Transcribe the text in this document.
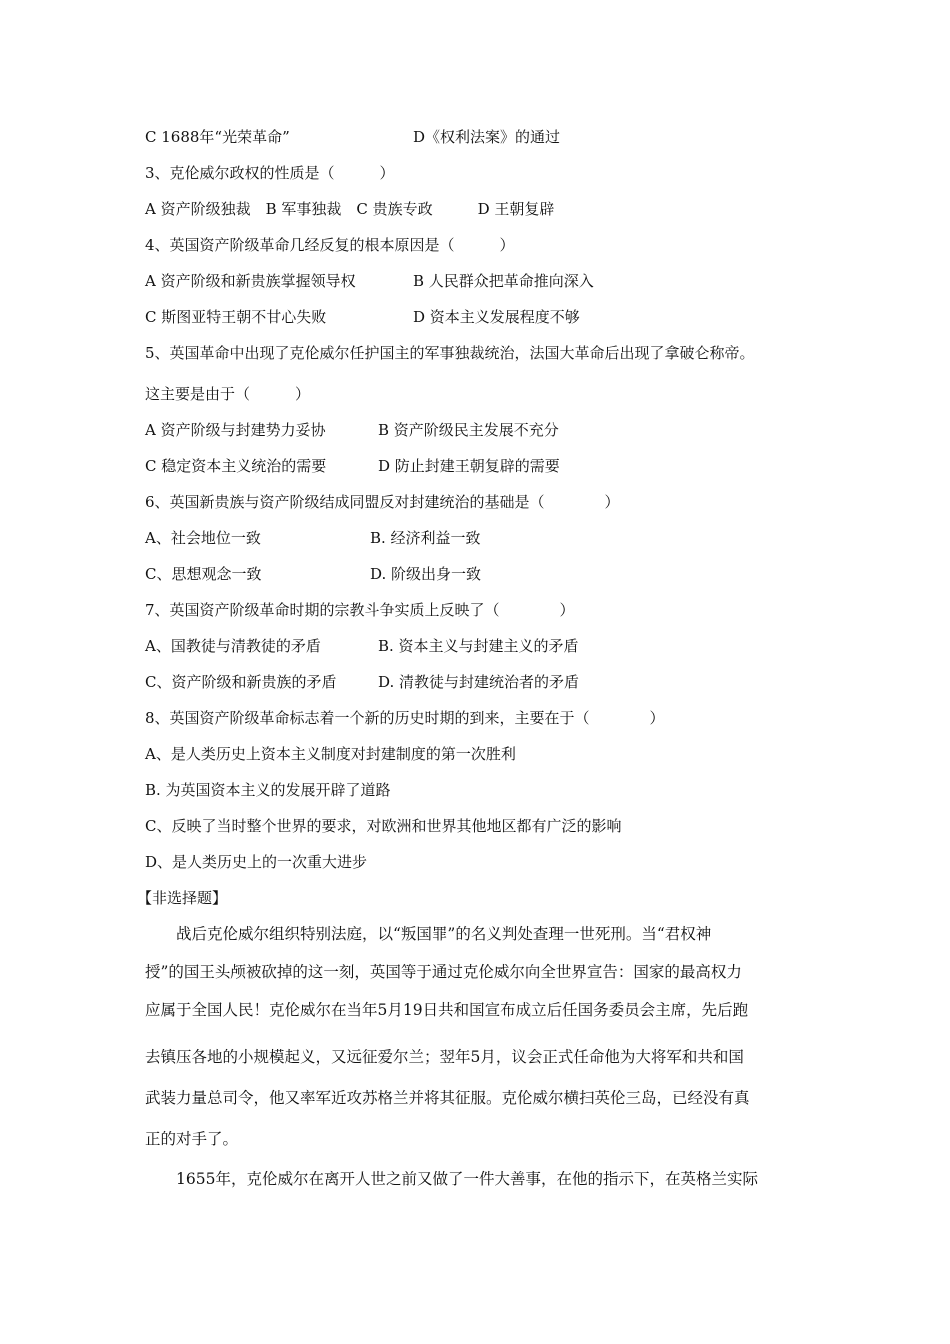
C 1688年“光荣革命”	D《权利法案》的通过
3、克伦威尔政权的性质是（　　　）
A 资产阶级独裁　B 军事独裁　C 贵族专政　　　D 王朝复辟
4、英国资产阶级革命几经反复的根本原因是（　　　）
A 资产阶级和新贵族掌握领导权	B 人民群众把革命推向深入
C 斯图亚特王朝不甘心失败	D 资本主义发展程度不够
5、英国革命中出现了克伦威尔任护国主的军事独裁统治，法国大革命后出现了拿破仑称帝。
这主要是由于（　　　）
A 资产阶级与封建势力妥协	B 资产阶级民主发展不充分
C 稳定资本主义统治的需要	D 防止封建王朝复辟的需要
6、英国新贵族与资产阶级结成同盟反对封建统治的基础是（　　　　）
A、社会地位一致	B. 经济利益一致
C、思想观念一致	D. 阶级出身一致
7、英国资产阶级革命时期的宗教斗争实质上反映了（　　　　）
A、国教徒与清教徒的矛盾	B. 资本主义与封建主义的矛盾
C、资产阶级和新贵族的矛盾	D. 清教徒与封建统治者的矛盾
8、英国资产阶级革命标志着一个新的历史时期的到来，主要在于（　　　　）
A、是人类历史上资本主义制度对封建制度的第一次胜利
B. 为英国资本主义的发展开辟了道路
C、反映了当时整个世界的要求，对欧洲和世界其他地区都有广泛的影响
D、是人类历史上的一次重大进步
【非选择题】
　　战后克伦威尔组织特别法庭，以“叛国罪”的名义判处查理一世死刑。当“君权神
授”的国王头颅被砍掉的这一刻，英国等于通过克伦威尔向全世界宣告：国家的最高权力
应属于全国人民！克伦威尔在当年5月19日共和国宣布成立后任国务委员会主席，先后跑
去镇压各地的小规模起义，又远征爱尔兰；翌年5月，议会正式任命他为大将军和共和国
武装力量总司令，他又率军近攻苏格兰并将其征服。克伦威尔横扫英伦三岛，已经没有真
正的对手了。
　　1655年，克伦威尔在离开人世之前又做了一件大善事，在他的指示下，在英格兰实际
